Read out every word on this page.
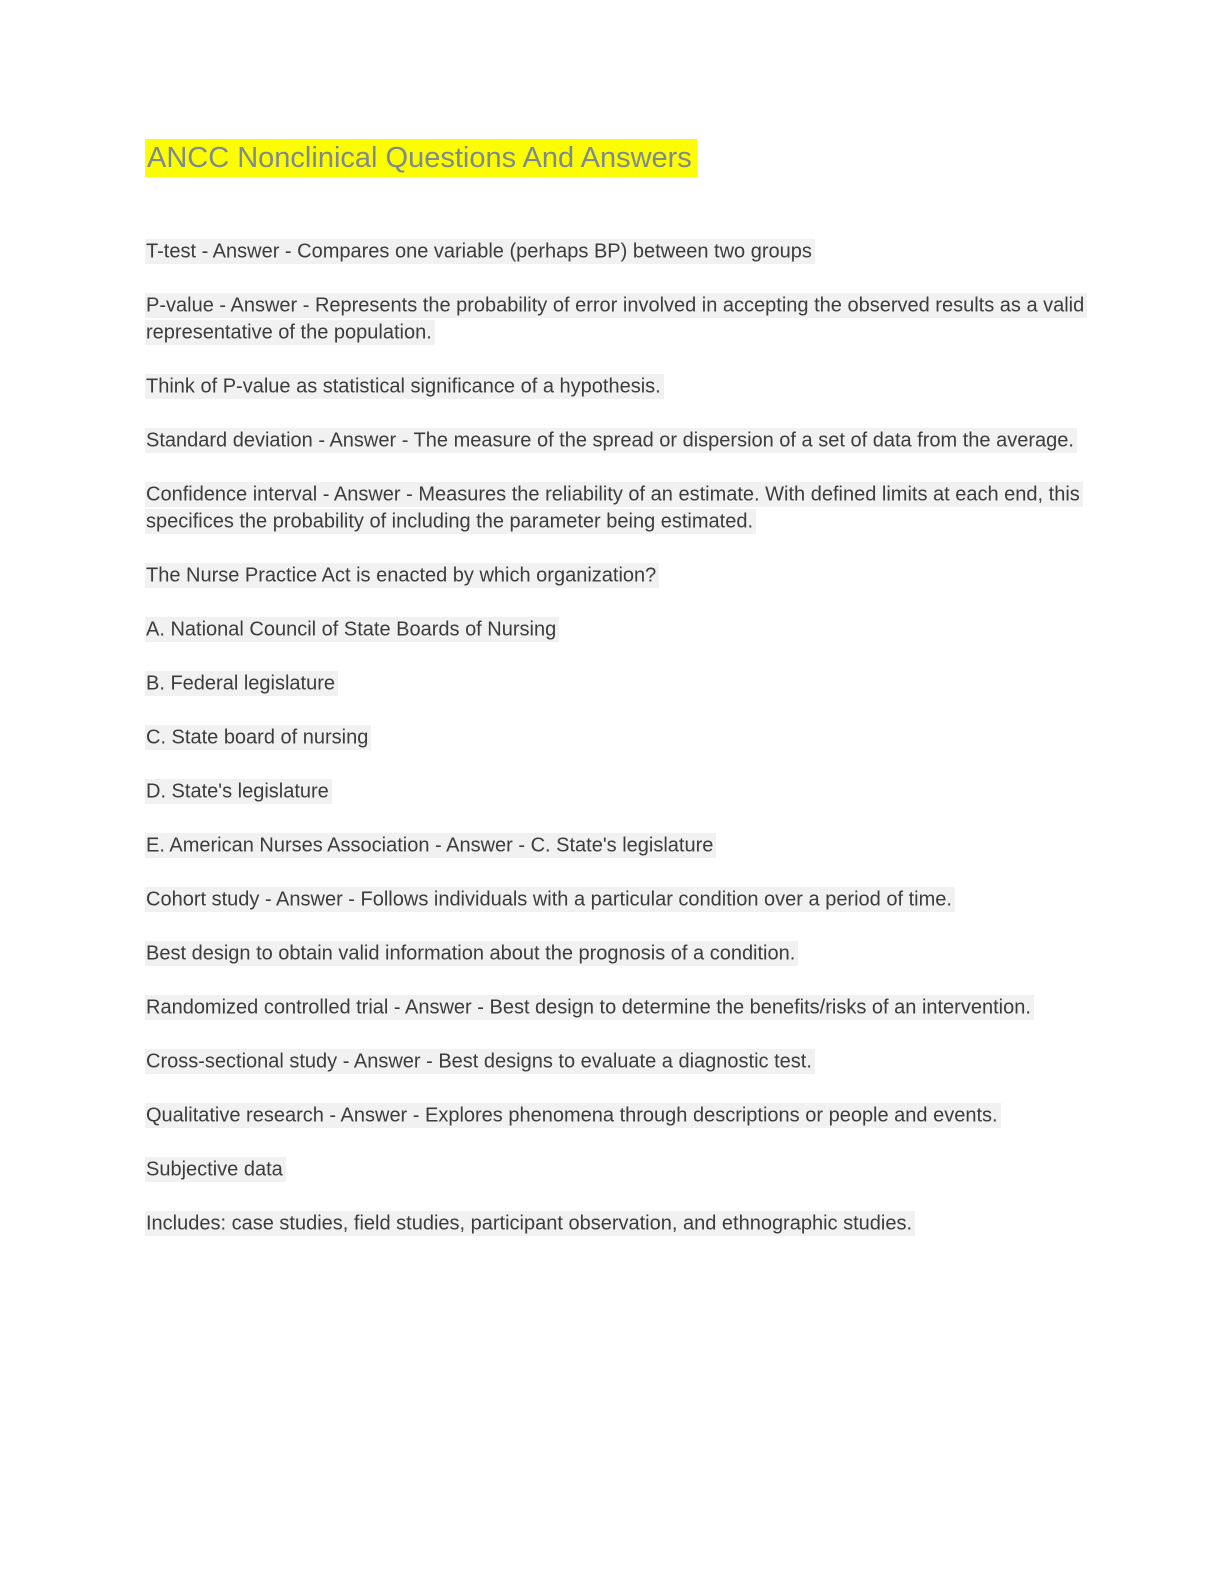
ANCC Nonclinical Questions And Answers

T-test - Answer - Compares one variable (perhaps BP) between two groups

P-value - Answer - Represents the probability of error involved in accepting the observed results as a valid representative of the population.

Think of P-value as statistical significance of a hypothesis.

Standard deviation - Answer - The measure of the spread or dispersion of a set of data from the average.

Confidence interval - Answer - Measures the reliability of an estimate. With defined limits at each end, this specifices the probability of including the parameter being estimated.

The Nurse Practice Act is enacted by which organization?

A. National Council of State Boards of Nursing

B. Federal legislature

C. State board of nursing

D. State's legislature

E. American Nurses Association - Answer - C. State's legislature

Cohort study - Answer - Follows individuals with a particular condition over a period of time.

Best design to obtain valid information about the prognosis of a condition.

Randomized controlled trial - Answer - Best design to determine the benefits/risks of an intervention.

Cross-sectional study - Answer - Best designs to evaluate a diagnostic test.

Qualitative research - Answer - Explores phenomena through descriptions or people and events.

Subjective data

Includes: case studies, field studies, participant observation, and ethnographic studies.
